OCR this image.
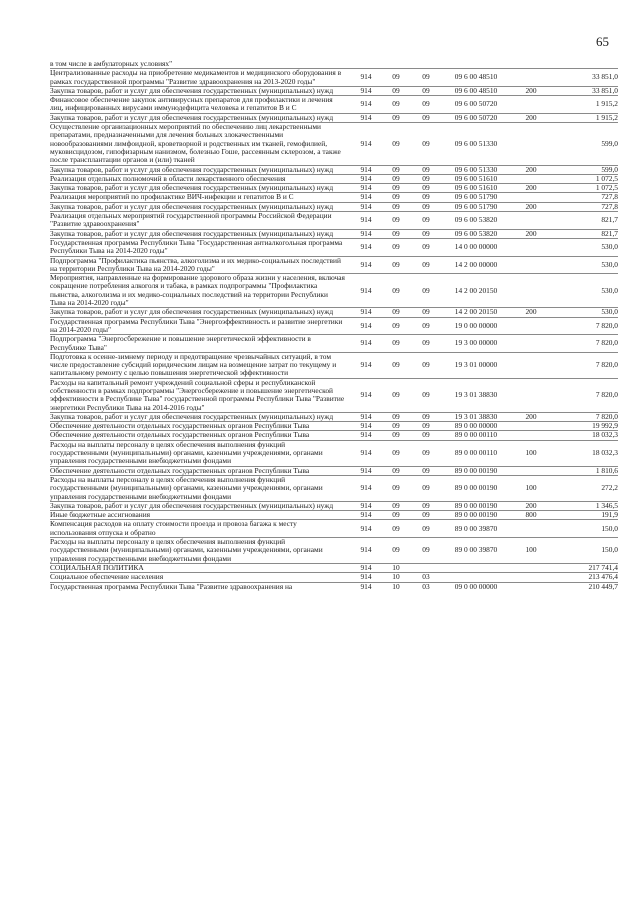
65
в том числе в амбулаторных условиях"						
Централизованные расходы на приобретение медикаментов и медицинского оборудования в рамках государственной программы "Развитие здравоохранения на 2013-2020 годы"	914	09	09	09 6 00 48510		33 851,0
Закупка товаров, работ и услуг для обеспечения государственных (муниципальных) нужд	914	09	09	09 6 00 48510	200	33 851,0
Финансовое обеспечение закупок антивирусных препаратов для профилактики и лечения лиц, инфицированных вирусами иммунодефицита человека и гепатитов В и С	914	09	09	09 6 00 50720		1 915,2
Закупка товаров, работ и услуг для обеспечения государственных (муниципальных) нужд	914	09	09	09 6 00 50720	200	1 915,2
Осуществление организационных мероприятий по обеспечению лиц лекарственными препаратами, предназначенными для лечения больных злокачественными новообразованиями лимфоидной, кроветворной и родственных им тканей, гемофилией, муковисцидозом, гипофизарным нанизмом, болезнью Гоше, рассеянным склерозом, а также после трансплантации органов и (или) тканей	914	09	09	09 6 00 51330		599,0
Закупка товаров, работ и услуг для обеспечения государственных (муниципальных) нужд	914	09	09	09 6 00 51330	200	599,0
Реализация отдельных полномочий в области лекарственного обеспечения	914	09	09	09 6 00 51610		1 072,5
Закупка товаров, работ и услуг для обеспечения государственных (муниципальных) нужд	914	09	09	09 6 00 51610	200	1 072,5
Реализация мероприятий по профилактике ВИЧ-инфекции и гепатитов В и С	914	09	09	09 6 00 51790		727,8
Закупка товаров, работ и услуг для обеспечения государственных (муниципальных) нужд	914	09	09	09 6 00 51790	200	727,8
Реализация отдельных мероприятий государственной программы Российской Федерации "Развитие здравоохранения"	914	09	09	09 6 00 53820		821,7
Закупка товаров, работ и услуг для обеспечения государственных (муниципальных) нужд	914	09	09	09 6 00 53820	200	821,7
Государственная программа Республики Тыва "Государственная антиалкогольная программа Республики Тыва на 2014-2020 годы"	914	09	09	14 0 00 00000		530,0
Подпрограмма "Профилактика пьянства, алкоголизма и их медико-социальных последствий на территории Республики Тыва на 2014-2020 годы"	914	09	09	14 2 00 00000		530,0
Мероприятия, направленные на формирование здорового образа жизни у населения, включая сокращение потребления алкоголя и табака, в рамках подпрограммы "Профилактика пьянства, алкоголизма и их медико-социальных последствий на территории Республики Тыва на 2014-2020 годы"	914	09	09	14 2 00 20150		530,0
Закупка товаров, работ и услуг для обеспечения государственных (муниципальных) нужд	914	09	09	14 2 00 20150	200	530,0
Государственная программа Республики Тыва "Энергоэффективность и развитие энергетики на 2014-2020 годы"	914	09	09	19 0 00 00000		7 820,0
Подпрограмма "Энергосбережение и повышение энергетической эффективности в Республике Тыва"	914	09	09	19 3 00 00000		7 820,0
Подготовка к осенне-зимнему периоду и предотвращение чрезвычайных ситуаций, в том числе предоставление субсидий юридическим лицам на возмещение затрат по текущему и капитальному ремонту с целью повышения энергетической эффективности	914	09	09	19 3 01 00000		7 820,0
Расходы на капитальный ремонт учреждений социальной сферы и республиканской собственности в рамках подпрограммы "Энергосбережение и повышение энергетической эффективности в Республике Тыва" государственной программы Республики Тыва "Развитие энергетики Республики Тыва на 2014-2016 годы"	914	09	09	19 3 01 38830		7 820,0
Закупка товаров, работ и услуг для обеспечения государственных (муниципальных) нужд	914	09	09	19 3 01 38830	200	7 820,0
Обеспечение деятельности отдельных государственных органов Республики Тыва	914	09	09	89 0 00 00000		19 992,9
Обеспечение деятельности отдельных государственных органов Республики Тыва	914	09	09	89 0 00 00110		18 032,3
Расходы на выплаты персоналу в целях обеспечения выполнения функций государственными (муниципальными) органами, казенными учреждениями, органами управления государственными внебюджетными фондами	914	09	09	89 0 00 00110	100	18 032,3
Обеспечение деятельности отдельных государственных органов Республики Тыва	914	09	09	89 0 00 00190		1 810,6
Расходы на выплаты персоналу в целях обеспечения выполнения функций государственными (муниципальными) органами, казенными учреждениями, органами управления государственными внебюджетными фондами	914	09	09	89 0 00 00190	100	272,2
Закупка товаров, работ и услуг для обеспечения государственных (муниципальных) нужд	914	09	09	89 0 00 00190	200	1 346,5
Иные бюджетные ассигнования	914	09	09	89 0 00 00190	800	191,9
Компенсация расходов на оплату стоимости проезда и провоза багажа к месту использования отпуска и обратно	914	09	09	89 0 00 39870		150,0
Расходы на выплаты персоналу в целях обеспечения выполнения функций государственными (муниципальными) органами, казенными учреждениями, органами управления государственными внебюджетными фондами	914	09	09	89 0 00 39870	100	150,0
СОЦИАЛЬНАЯ ПОЛИТИКА	914	10				217 741,4
Социальное обеспечение населения	914	10	03			213 476,4
Государственная программа Республики Тыва "Развитие здравоохранения на	914	10	03	09 0 00 00000		210 449,7
